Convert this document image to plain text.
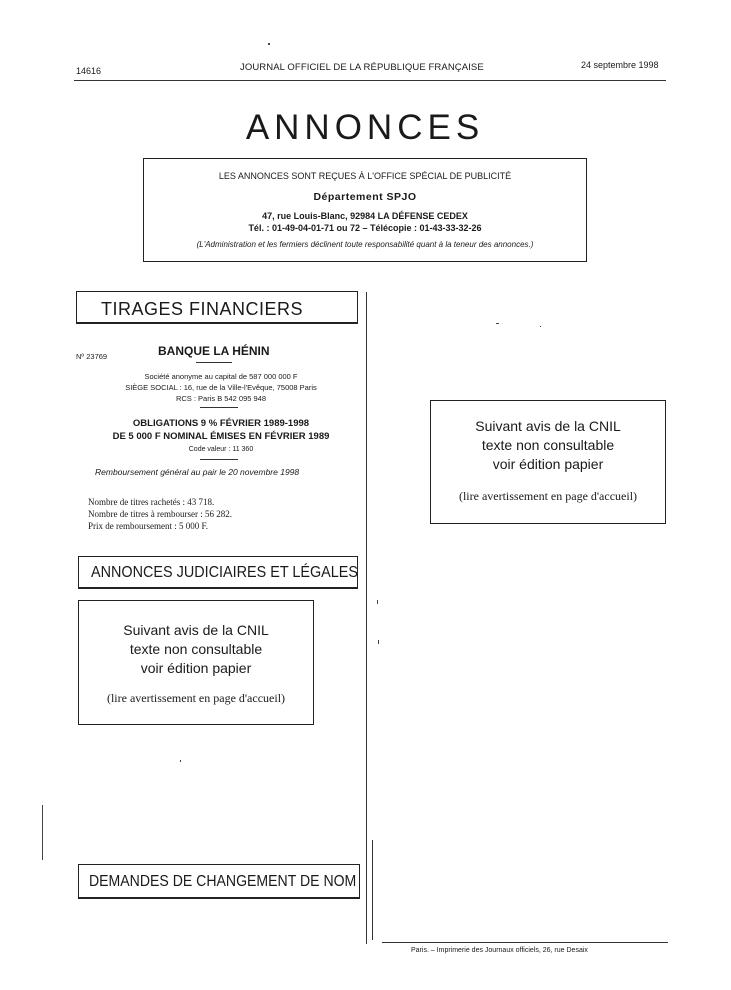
14616	JOURNAL OFFICIEL DE LA RÉPUBLIQUE FRANÇAISE	24 septembre 1998
ANNONCES
LES ANNONCES SONT REÇUES À L'OFFICE SPÉCIAL DE PUBLICITÉ
Département SPJO
47, rue Louis-Blanc, 92984 LA DÉFENSE CEDEX
Tél. : 01-49-04-01-71 ou 72 – Télécopie : 01-43-33-32-26
(L'Administration et les fermiers déclinent toute responsabilité quant à la teneur des annonces.)
TIRAGES FINANCIERS
Nº 23769	BANQUE LA HÉNIN
Société anonyme au capital de 587 000 000 F
SIÈGE SOCIAL : 16, rue de la Ville-l'Evêque, 75008 Paris
RCS : Paris B 542 095 948
OBLIGATIONS 9 % FÉVRIER 1989-1998
DE 5 000 F NOMINAL ÉMISES EN FÉVRIER 1989
Code valeur : 11 360
Remboursement général au pair le 20 novembre 1998
Nombre de titres rachetés : 43 718.
Nombre de titres à rembourser : 56 282.
Prix de remboursement : 5 000 F.
ANNONCES JUDICIAIRES ET LÉGALES
Suivant avis de la CNIL
texte non consultable
voir édition papier
(lire avertissement en page d'accueil)
Suivant avis de la CNIL
texte non consultable
voir édition papier
(lire avertissement en page d'accueil)
DEMANDES DE CHANGEMENT DE NOM
Paris. – Imprimerie des Journaux officiels, 26, rue Desaix
